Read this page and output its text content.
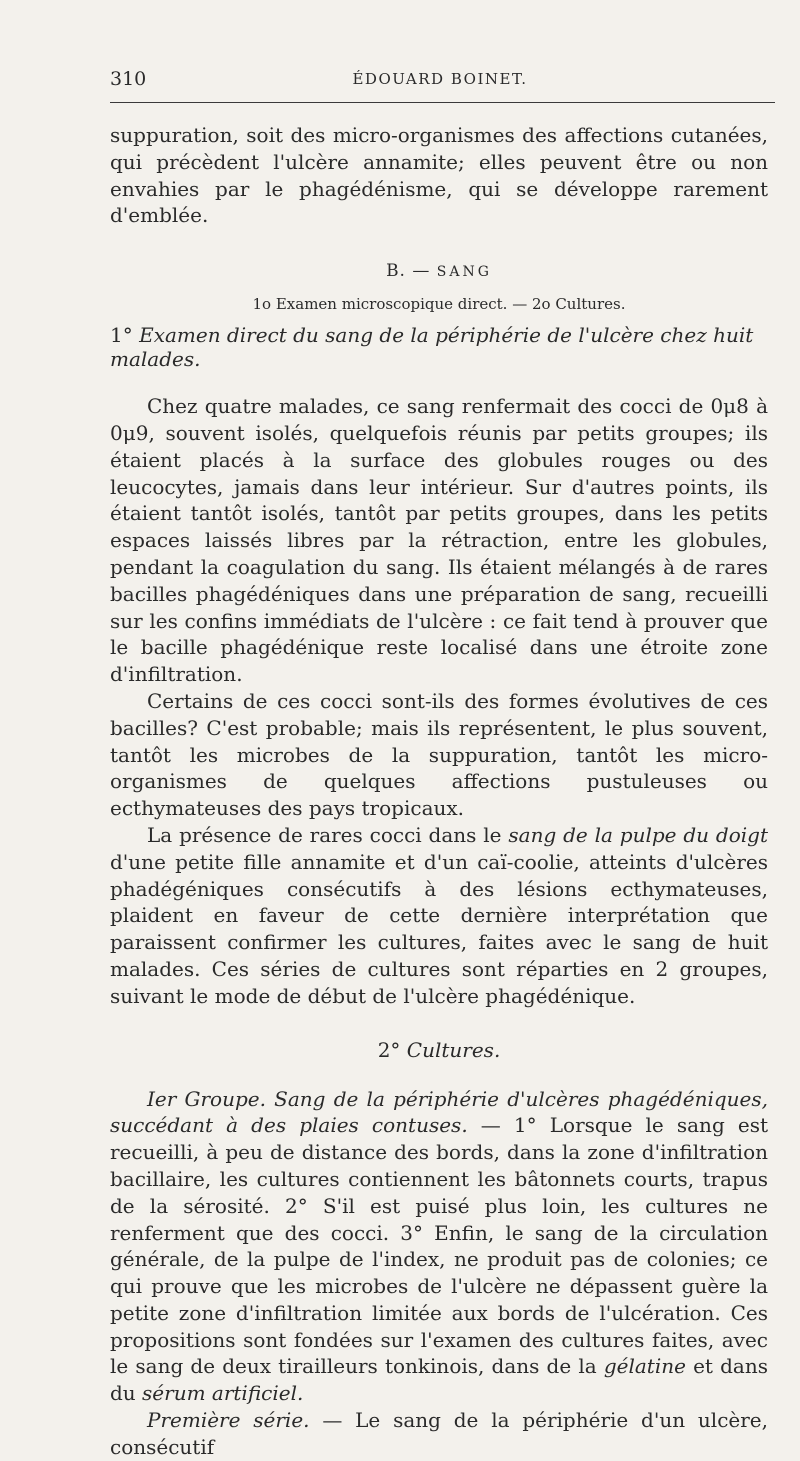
310	ÉDOUARD BOINET.

suppuration, soit des micro-organismes des affections cutanées, qui précèdent l'ulcère annamite; elles peuvent être ou non envahies par le phagédénisme, qui se développe rarement d'emblée.

B. — SANG
1o Examen microscopique direct. — 2o Cultures.
1° Examen direct du sang de la périphérie de l'ulcère chez huit malades.

Chez quatre malades, ce sang renfermait des cocci de 0μ8 à 0μ9, souvent isolés, quelquefois réunis par petits groupes; ils étaient placés à la surface des globules rouges ou des leucocytes, jamais dans leur intérieur. Sur d'autres points, ils étaient tantôt isolés, tantôt par petits groupes, dans les petits espaces laissés libres par la rétraction, entre les globules, pendant la coagulation du sang. Ils étaient mélangés à de rares bacilles phagédéniques dans une préparation de sang, recueilli sur les confins immédiats de l'ulcère : ce fait tend à prouver que le bacille phagédénique reste localisé dans une étroite zone d'infiltration.

Certains de ces cocci sont-ils des formes évolutives de ces bacilles? C'est probable; mais ils représentent, le plus souvent, tantôt les microbes de la suppuration, tantôt les micro-organismes de quelques affections pustuleuses ou ecthymateuses des pays tropicaux.

La présence de rares cocci dans le sang de la pulpe du doigt d'une petite fille annamite et d'un caï-coolie, atteints d'ulcères phadégéniques consécutifs à des lésions ecthymateuses, plaident en faveur de cette dernière interprétation que paraissent confirmer les cultures, faites avec le sang de huit malades. Ces séries de cultures sont réparties en 2 groupes, suivant le mode de début de l'ulcère phagédénique.

2° Cultures.

Ier Groupe. Sang de la périphérie d'ulcères phagédéniques, succédant à des plaies contuses. — 1° Lorsque le sang est recueilli, à peu de distance des bords, dans la zone d'infiltration bacillaire, les cultures contiennent les bâtonnets courts, trapus de la sérosité. 2° S'il est puisé plus loin, les cultures ne renferment que des cocci. 3° Enfin, le sang de la circulation générale, de la pulpe de l'index, ne produit pas de colonies; ce qui prouve que les microbes de l'ulcère ne dépassent guère la petite zone d'infiltration limitée aux bords de l'ulcération. Ces propositions sont fondées sur l'examen des cultures faites, avec le sang de deux tirailleurs tonkinois, dans de la gélatine et dans du sérum artificiel.

Première série. — Le sang de la périphérie d'un ulcère, consécutif
